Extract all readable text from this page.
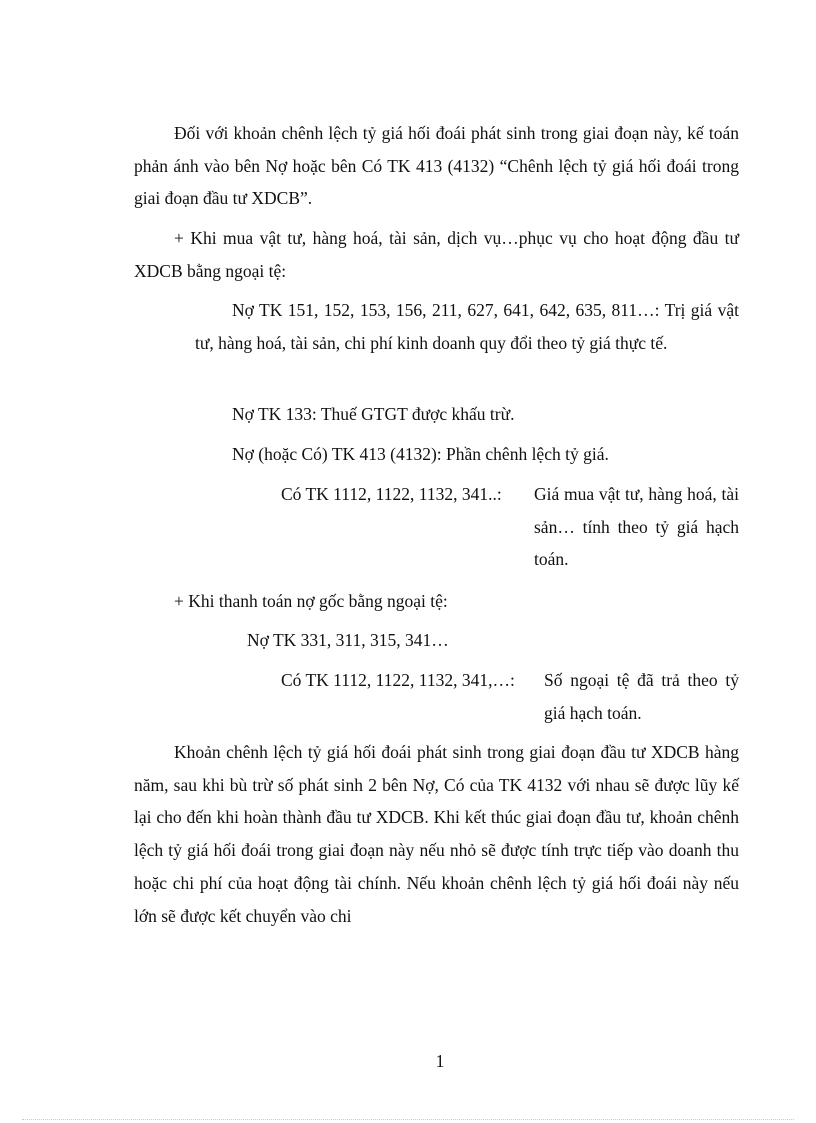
Đối với khoản chênh lệch tỷ giá hối đoái phát sinh trong giai đoạn này, kế toán phản ánh vào bên Nợ hoặc bên Có TK 413 (4132) “Chênh lệch tỷ giá hối đoái trong giai đoạn đầu tư XDCB”.

+ Khi mua vật tư, hàng hoá, tài sản, dịch vụ…phục vụ cho hoạt động đầu tư XDCB bằng ngoại tệ:

Nợ TK 151, 152, 153, 156, 211, 627, 641, 642, 635, 811…: Trị giá vật tư, hàng hoá, tài sản, chi phí kinh doanh quy đổi theo tỷ giá thực tế.

Nợ TK 133: Thuế GTGT được khấu trừ.

Nợ (hoặc Có) TK 413 (4132): Phần chênh lệch tỷ giá.

Có TK 1112, 1122, 1132, 341..:	Giá mua vật tư, hàng hoá, tài sản… tính theo tỷ giá hạch toán.

+ Khi thanh toán nợ gốc bằng ngoại tệ:

Nợ TK 331, 311, 315, 341…

Có TK 1112, 1122, 1132, 341,…:	Số ngoại tệ đã trả theo tỷ giá hạch toán.

Khoản chênh lệch tỷ giá hối đoái phát sinh trong giai đoạn đầu tư XDCB hàng năm, sau khi bù trừ số phát sinh 2 bên Nợ, Có của TK 4132 với nhau sẽ được lũy kế lại cho đến khi hoàn thành đầu tư XDCB. Khi kết thúc giai đoạn đầu tư, khoản chênh lệch tỷ giá hối đoái trong giai đoạn này nếu nhỏ sẽ được tính trực tiếp vào doanh thu hoặc chi phí của hoạt động tài chính. Nếu khoản chênh lệch tỷ giá hối đoái này nếu lớn sẽ được kết chuyển vào chi

1
